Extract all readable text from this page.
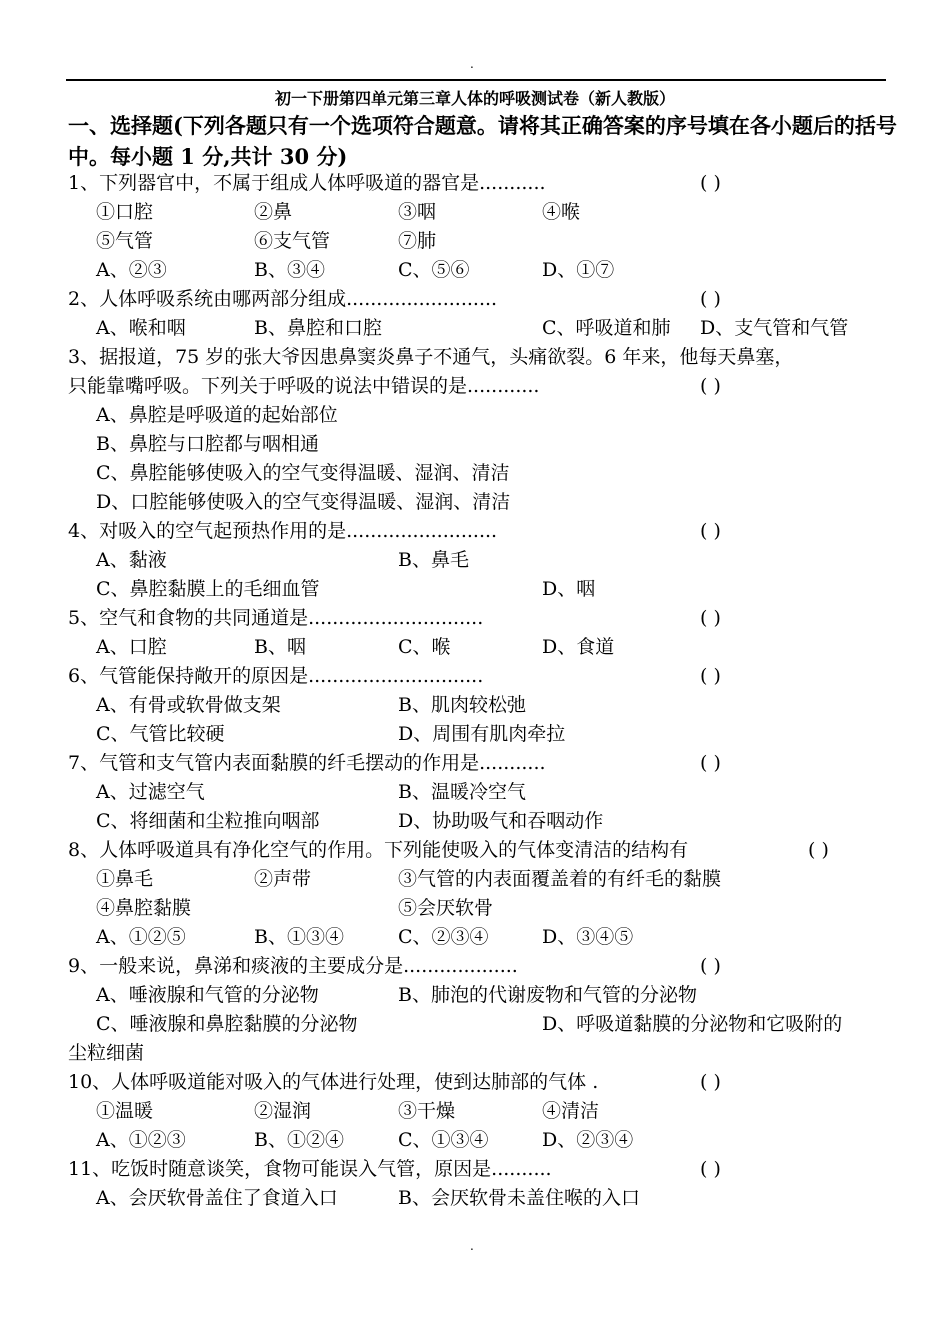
.
初一下册第四单元第三章人体的呼吸测试卷（新人教版）
一、选择题(下列各题只有一个选项符合题意。请将其正确答案的序号填在各小题后的括号中。每小题 1 分,共计 30 分)
1、下列器官中，不属于组成人体呼吸道的器官是...........	( )
①口腔	②鼻	③咽	④喉
⑤气管	⑥支气管	⑦肺
A、②③	B、③④	C、⑤⑥	D、①⑦
2、人体呼吸系统由哪两部分组成.........................	( )
A、喉和咽	B、鼻腔和口腔	C、呼吸道和肺 D、支气管和气管
3、据报道，75 岁的张大爷因患鼻窦炎鼻子不通气，头痛欲裂。6 年来，他每天鼻塞，
只能靠嘴呼吸。下列关于呼吸的说法中错误的是............	( )
A、鼻腔是呼吸道的起始部位
B、鼻腔与口腔都与咽相通
C、鼻腔能够使吸入的空气变得温暖、湿润、清洁
D、口腔能够使吸入的空气变得温暖、湿润、清洁
4、对吸入的空气起预热作用的是.........................	( )
A、黏液	B、鼻毛
C、鼻腔黏膜上的毛细血管	D、咽
5、空气和食物的共同通道是.............................	( )
A、口腔	B、咽	C、喉	D、食道
6、气管能保持敞开的原因是.............................	( )
A、有骨或软骨做支架	B、肌肉较松弛
C、气管比较硬	D、周围有肌肉牵拉
7、气管和支气管内表面黏膜的纤毛摆动的作用是...........	( )
A、过滤空气	B、温暖冷空气
C、将细菌和尘粒推向咽部	D、协助吸气和吞咽动作
8、人体呼吸道具有净化空气的作用。下列能使吸入的气体变清洁的结构有	( )
①鼻毛	②声带	③气管的内表面覆盖着的有纤毛的黏膜
④鼻腔黏膜	⑤会厌软骨
A、①②⑤	B、①③④	C、②③④	D、③④⑤
9、一般来说，鼻涕和痰液的主要成分是...................	( )
A、唾液腺和气管的分泌物	B、肺泡的代谢废物和气管的分泌物
C、唾液腺和鼻腔黏膜的分泌物	D、呼吸道黏膜的分泌物和它吸附的
尘粒细菌
10、人体呼吸道能对吸入的气体进行处理，使到达肺部的气体 .	( )
①温暖	②湿润	③干燥	④清洁
A、①②③	B、①②④	C、①③④	D、②③④
11、吃饭时随意谈笑，食物可能误入气管，原因是..........	( )
A、会厌软骨盖住了食道入口	B、会厌软骨未盖住喉的入口
.
